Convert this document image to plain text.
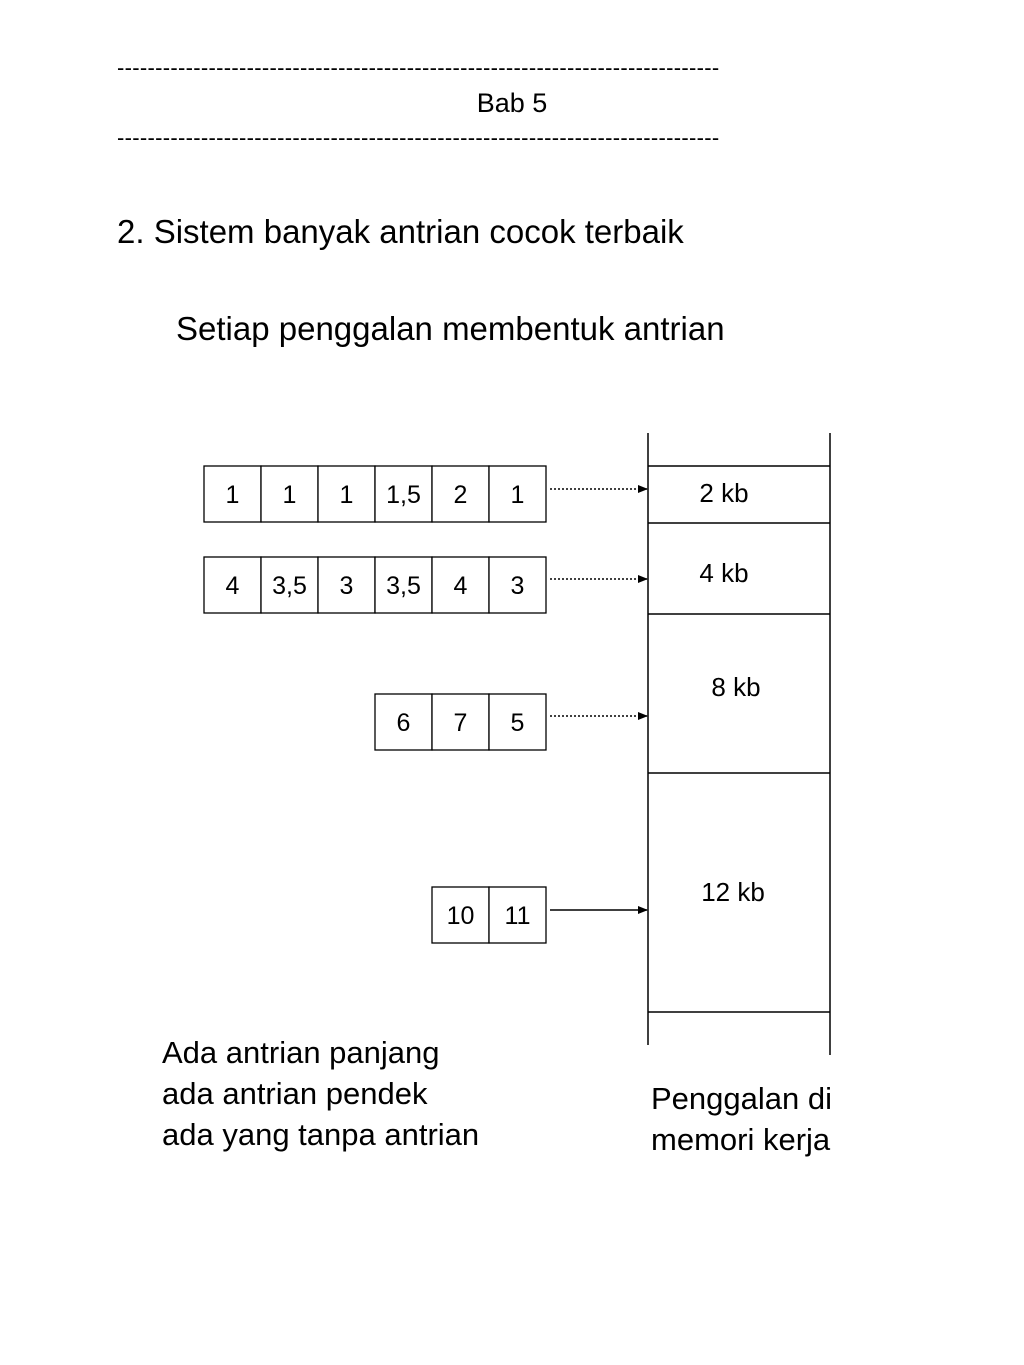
-------------------------------------------------------------------------------
Bab 5
-------------------------------------------------------------------------------
2. Sistem banyak antrian cocok terbaik
Setiap penggalan membentuk antrian
2 kb
4 kb
8 kb
12 kb
1 1 1 1,5 2 1
4 3,5 3 3,5 4 3
6 7 5
10 11
Ada antrian panjang
ada antrian pendek
ada yang tanpa antrian
Penggalan di
memori kerja
